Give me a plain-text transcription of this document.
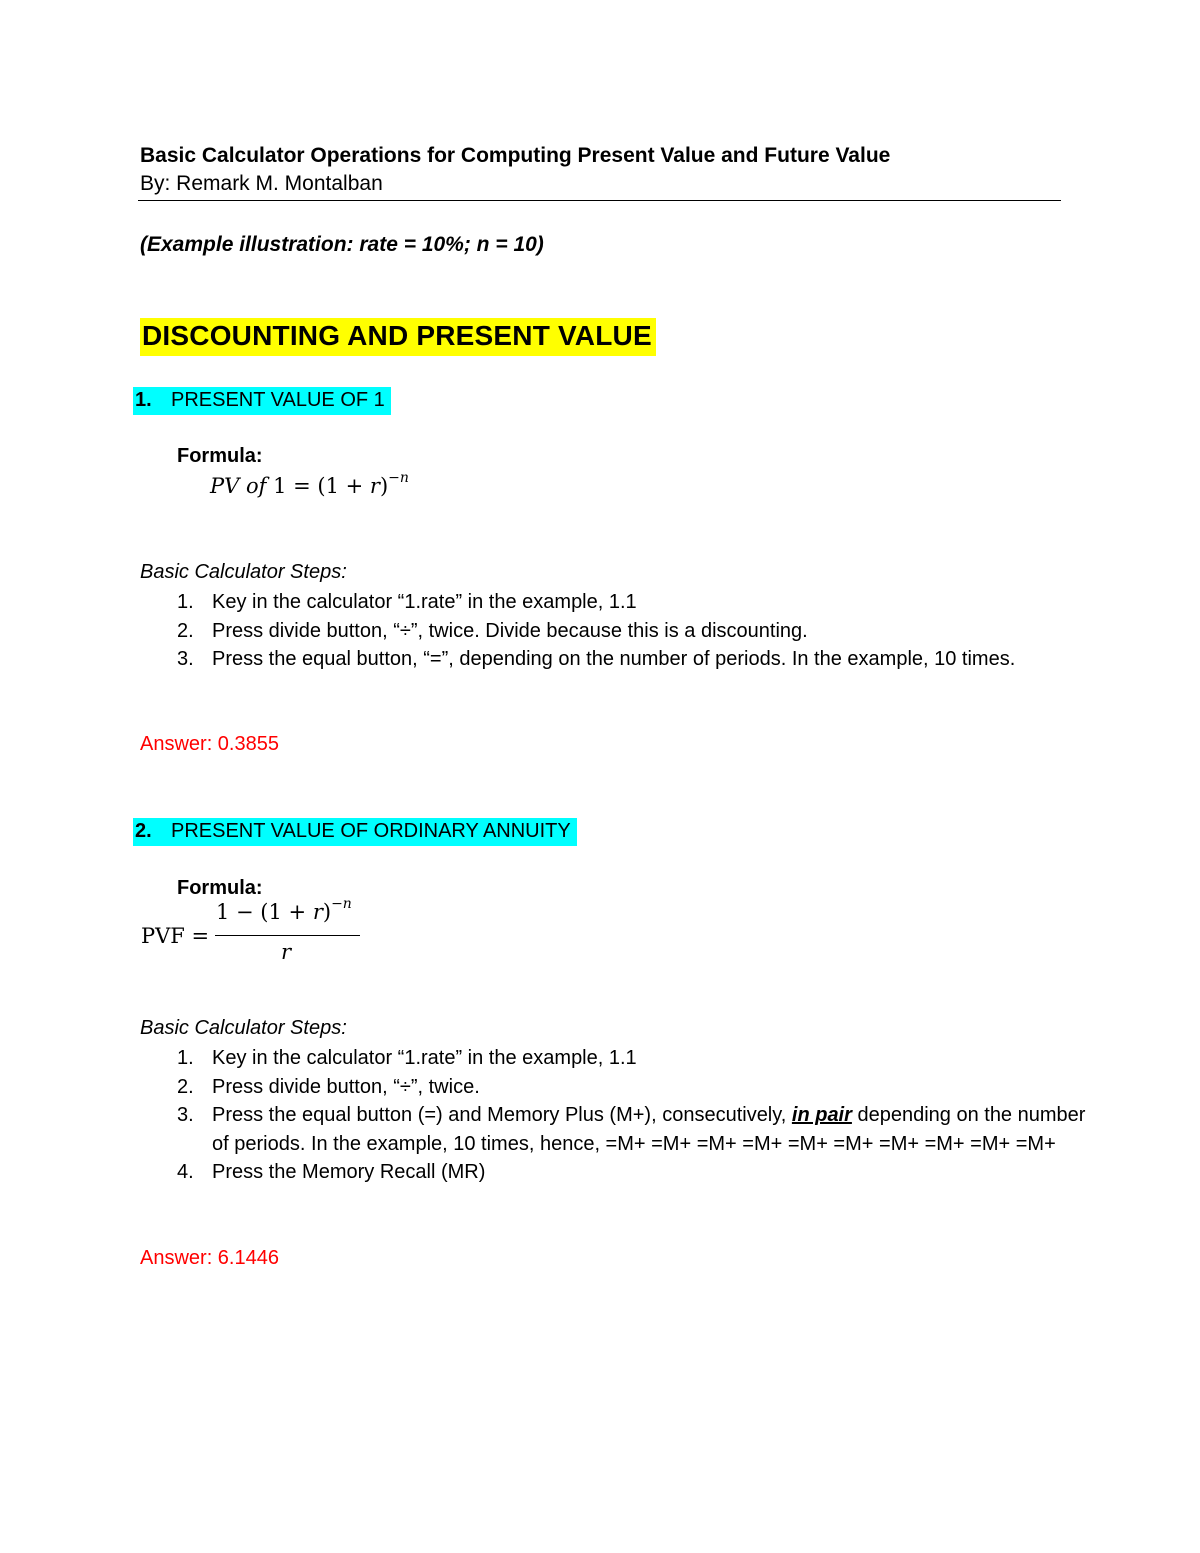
Basic Calculator Operations for Computing Present Value and Future Value
By: Remark M. Montalban
(Example illustration: rate = 10%; n = 10)
DISCOUNTING AND PRESENT VALUE
1. PRESENT VALUE OF 1
Formula:
PV of $1 = (1 + r)^{-n}$
Basic Calculator Steps:
1. Key in the calculator “1.rate” in the example, 1.1
2. Press divide button, “÷”, twice. Divide because this is a discounting.
3. Press the equal button, “=”, depending on the number of periods. In the example, 10 times.
Answer: 0.3855
2. PRESENT VALUE OF ORDINARY ANNUITY
Formula:
PVF =
$1 - (1 + r)^{-n}$
r
Basic Calculator Steps:
1. Key in the calculator “1.rate” in the example, 1.1
2. Press divide button, “÷”, twice.
3. Press the equal button (=) and Memory Plus (M+), consecutively, in pair depending on the number of periods. In the example, 10 times, hence, =M+ =M+ =M+ =M+ =M+ =M+ =M+ =M+ =M+ =M+
4. Press the Memory Recall (MR)
Answer: 6.1446
